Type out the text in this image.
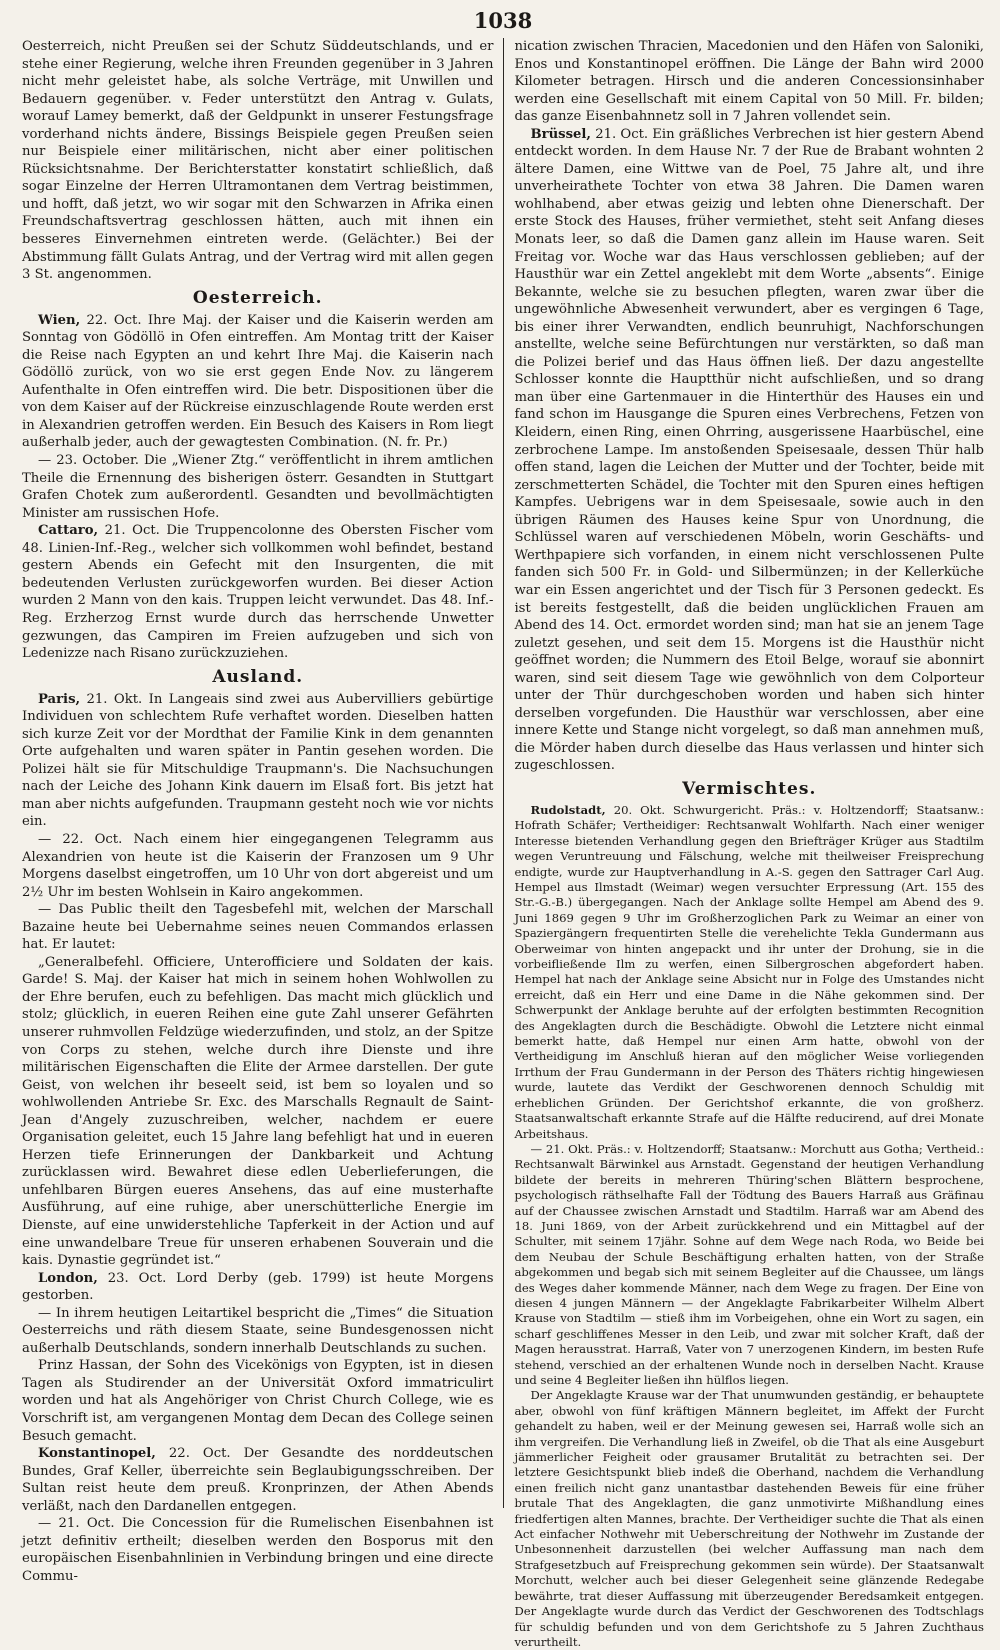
1038

Oesterreich, nicht Preußen sei der Schutz Süddeutschlands, und er stehe einer Regierung, welche ihren Freunden gegenüber in 3 Jahren nicht mehr geleistet habe, als solche Verträge, mit Unwillen und Bedauern gegenüber. v. Feder unterstützt den Antrag v. Gulats, worauf Lamey bemerkt, daß der Geldpunkt in unserer Festungsfrage vorderhand nichts ändere, Bissings Beispiele gegen Preußen seien nur Beispiele einer militärischen, nicht aber einer politischen Rücksichtsnahme. Der Berichterstatter konstatirt schließlich, daß sogar Einzelne der Herren Ultramontanen dem Vertrag beistimmen, und hofft, daß jetzt, wo wir sogar mit den Schwarzen in Afrika einen Freundschaftsvertrag geschlossen hätten, auch mit ihnen ein besseres Einvernehmen eintreten werde. (Gelächter.) Bei der Abstimmung fällt Gulats Antrag, und der Vertrag wird mit allen gegen 3 St. angenommen.

Oesterreich.

Wien, 22. Oct. Ihre Maj. der Kaiser und die Kaiserin werden am Sonntag von Gödöllö in Ofen eintreffen. Am Montag tritt der Kaiser die Reise nach Egypten an und kehrt Ihre Maj. die Kaiserin nach Gödöllö zurück, von wo sie erst gegen Ende Nov. zu längerem Aufenthalte in Ofen eintreffen wird. Die betr. Dispositionen über die von dem Kaiser auf der Rückreise einzuschlagende Route werden erst in Alexandrien getroffen werden. Ein Besuch des Kaisers in Rom liegt außerhalb jeder, auch der gewagtesten Combination. (N. fr. Pr.)

— 23. October. Die „Wiener Ztg.“ veröffentlicht in ihrem amtlichen Theile die Ernennung des bisherigen österr. Gesandten in Stuttgart Grafen Chotek zum außerordentl. Gesandten und bevollmächtigten Minister am russischen Hofe.

Cattaro, 21. Oct. Die Truppencolonne des Obersten Fischer vom 48. Linien-Inf.-Reg., welcher sich vollkommen wohl befindet, bestand gestern Abends ein Gefecht mit den Insurgenten, die mit bedeutenden Verlusten zurückgeworfen wurden. Bei dieser Action wurden 2 Mann von den kais. Truppen leicht verwundet. Das 48. Inf.-Reg. Erzherzog Ernst wurde durch das herrschende Unwetter gezwungen, das Campiren im Freien aufzugeben und sich von Ledenizze nach Risano zurückzuziehen.

Ausland.

Paris, 21. Okt. In Langeais sind zwei aus Aubervilliers gebürtige Individuen von schlechtem Rufe verhaftet worden. Dieselben hatten sich kurze Zeit vor der Mordthat der Familie Kink in dem genannten Orte aufgehalten und waren später in Pantin gesehen worden. Die Polizei hält sie für Mitschuldige Traupmann's. Die Nachsuchungen nach der Leiche des Johann Kink dauern im Elsaß fort. Bis jetzt hat man aber nichts aufgefunden. Traupmann gesteht noch wie vor nichts ein.

— 22. Oct. Nach einem hier eingegangenen Telegramm aus Alexandrien von heute ist die Kaiserin der Franzosen um 9 Uhr Morgens daselbst eingetroffen, um 10 Uhr von dort abgereist und um 2½ Uhr im besten Wohlsein in Kairo angekommen.

— Das Public theilt den Tagesbefehl mit, welchen der Marschall Bazaine heute bei Uebernahme seines neuen Commandos erlassen hat. Er lautet:

„Generalbefehl. Officiere, Unterofficiere und Soldaten der kais. Garde! S. Maj. der Kaiser hat mich in seinem hohen Wohlwollen zu der Ehre berufen, euch zu befehligen. Das macht mich glücklich und stolz; glücklich, in eueren Reihen eine gute Zahl unserer Gefährten unserer ruhmvollen Feldzüge wiederzufinden, und stolz, an der Spitze von Corps zu stehen, welche durch ihre Dienste und ihre militärischen Eigenschaften die Elite der Armee darstellen. Der gute Geist, von welchen ihr beseelt seid, ist bem so loyalen und so wohlwollenden Antriebe Sr. Exc. des Marschalls Regnault de Saint-Jean d'Angely zuzuschreiben, welcher, nachdem er euere Organisation geleitet, euch 15 Jahre lang befehligt hat und in eueren Herzen tiefe Erinnerungen der Dankbarkeit und Achtung zurücklassen wird. Bewahret diese edlen Ueberlieferungen, die unfehlbaren Bürgen eueres Ansehens, das auf eine musterhafte Ausführung, auf eine ruhige, aber unerschütterliche Energie im Dienste, auf eine unwiderstehliche Tapferkeit in der Action und auf eine unwandelbare Treue für unseren erhabenen Souverain und die kais. Dynastie gegründet ist.“

London, 23. Oct. Lord Derby (geb. 1799) ist heute Morgens gestorben.

— In ihrem heutigen Leitartikel bespricht die „Times“ die Situation Oesterreichs und räth diesem Staate, seine Bundesgenossen nicht außerhalb Deutschlands, sondern innerhalb Deutschlands zu suchen.

Prinz Hassan, der Sohn des Vicekönigs von Egypten, ist in diesen Tagen als Studirender an der Universität Oxford immatriculirt worden und hat als Angehöriger von Christ Church College, wie es Vorschrift ist, am vergangenen Montag dem Decan des College seinen Besuch gemacht.

Konstantinopel, 22. Oct. Der Gesandte des norddeutschen Bundes, Graf Keller, überreichte sein Beglaubigungsschreiben. Der Sultan reist heute dem preuß. Kronprinzen, der Athen Abends verläßt, nach den Dardanellen entgegen.

— 21. Oct. Die Concession für die Rumelischen Eisenbahnen ist jetzt definitiv ertheilt; dieselben werden den Bosporus mit den europäischen Eisenbahnlinien in Verbindung bringen und eine directe Commu-

nication zwischen Thracien, Macedonien und den Häfen von Saloniki, Enos und Konstantinopel eröffnen. Die Länge der Bahn wird 2000 Kilometer betragen. Hirsch und die anderen Concessionsinhaber werden eine Gesellschaft mit einem Capital von 50 Mill. Fr. bilden; das ganze Eisenbahnnetz soll in 7 Jahren vollendet sein.

Brüssel, 21. Oct. Ein gräßliches Verbrechen ist hier gestern Abend entdeckt worden. In dem Hause Nr. 7 der Rue de Brabant wohnten 2 ältere Damen, eine Wittwe van de Poel, 75 Jahre alt, und ihre unverheirathete Tochter von etwa 38 Jahren. Die Damen waren wohlhabend, aber etwas geizig und lebten ohne Dienerschaft. Der erste Stock des Hauses, früher vermiethet, steht seit Anfang dieses Monats leer, so daß die Damen ganz allein im Hause waren. Seit Freitag vor. Woche war das Haus verschlossen geblieben; auf der Hausthür war ein Zettel angeklebt mit dem Worte „absents“. Einige Bekannte, welche sie zu besuchen pflegten, waren zwar über die ungewöhnliche Abwesenheit verwundert, aber es vergingen 6 Tage, bis einer ihrer Verwandten, endlich beunruhigt, Nachforschungen anstellte, welche seine Befürchtungen nur verstärkten, so daß man die Polizei berief und das Haus öffnen ließ. Der dazu angestellte Schlosser konnte die Hauptthür nicht aufschließen, und so drang man über eine Gartenmauer in die Hinterthür des Hauses ein und fand schon im Hausgange die Spuren eines Verbrechens, Fetzen von Kleidern, einen Ring, einen Ohrring, ausgerissene Haarbüschel, eine zerbrochene Lampe. Im anstoßenden Speisesaale, dessen Thür halb offen stand, lagen die Leichen der Mutter und der Tochter, beide mit zerschmetterten Schädel, die Tochter mit den Spuren eines heftigen Kampfes. Uebrigens war in dem Speisesaale, sowie auch in den übrigen Räumen des Hauses keine Spur von Unordnung, die Schlüssel waren auf verschiedenen Möbeln, worin Geschäfts- und Werthpapiere sich vorfanden, in einem nicht verschlossenen Pulte fanden sich 500 Fr. in Gold- und Silbermünzen; in der Kellerküche war ein Essen angerichtet und der Tisch für 3 Personen gedeckt. Es ist bereits festgestellt, daß die beiden unglücklichen Frauen am Abend des 14. Oct. ermordet worden sind; man hat sie an jenem Tage zuletzt gesehen, und seit dem 15. Morgens ist die Hausthür nicht geöffnet worden; die Nummern des Etoil Belge, worauf sie abonnirt waren, sind seit diesem Tage wie gewöhnlich von dem Colporteur unter der Thür durchgeschoben worden und haben sich hinter derselben vorgefunden. Die Hausthür war verschlossen, aber eine innere Kette und Stange nicht vorgelegt, so daß man annehmen muß, die Mörder haben durch dieselbe das Haus verlassen und hinter sich zugeschlossen.

Vermischtes.

Rudolstadt, 20. Okt. Schwurgericht. Präs.: v. Holtzendorff; Staatsanw.: Hofrath Schäfer; Vertheidiger: Rechtsanwalt Wohlfarth. Nach einer weniger Interesse bietenden Verhandlung gegen den Briefträger Krüger aus Stadtilm wegen Veruntreuung und Fälschung, welche mit theilweiser Freisprechung endigte, wurde zur Hauptverhandlung in A.-S. gegen den Sattrager Carl Aug. Hempel aus Ilmstadt (Weimar) wegen versuchter Erpressung (Art. 155 des Str.-G.-B.) übergegangen. Nach der Anklage sollte Hempel am Abend des 9. Juni 1869 gegen 9 Uhr im Großherzoglichen Park zu Weimar an einer von Spaziergängern frequentirten Stelle die verehelichte Tekla Gundermann aus Oberweimar von hinten angepackt und ihr unter der Drohung, sie in die vorbeifließende Ilm zu werfen, einen Silbergroschen abgefordert haben. Hempel hat nach der Anklage seine Absicht nur in Folge des Umstandes nicht erreicht, daß ein Herr und eine Dame in die Nähe gekommen sind. Der Schwerpunkt der Anklage beruhte auf der erfolgten bestimmten Recognition des Angeklagten durch die Beschädigte. Obwohl die Letztere nicht einmal bemerkt hatte, daß Hempel nur einen Arm hatte, obwohl von der Vertheidigung im Anschluß hieran auf den möglicher Weise vorliegenden Irrthum der Frau Gundermann in der Person des Thäters richtig hingewiesen wurde, lautete das Verdikt der Geschworenen dennoch Schuldig mit erheblichen Gründen. Der Gerichtshof erkannte, die von großherz. Staatsanwaltschaft erkannte Strafe auf die Hälfte reducirend, auf drei Monate Arbeitshaus.

— 21. Okt. Präs.: v. Holtzendorff; Staatsanw.: Morchutt aus Gotha; Vertheid.: Rechtsanwalt Bärwinkel aus Arnstadt. Gegenstand der heutigen Verhandlung bildete der bereits in mehreren Thüring'schen Blättern besprochene, psychologisch räthselhafte Fall der Tödtung des Bauers Harraß aus Gräfinau auf der Chaussee zwischen Arnstadt und Stadtilm. Harraß war am Abend des 18. Juni 1869, von der Arbeit zurückkehrend und ein Mittagbel auf der Schulter, mit seinem 17jähr. Sohne auf dem Wege nach Roda, wo Beide bei dem Neubau der Schule Beschäftigung erhalten hatten, von der Straße abgekommen und begab sich mit seinem Begleiter auf die Chaussee, um längs des Weges daher kommende Männer, nach dem Wege zu fragen. Der Eine von diesen 4 jungen Männern — der Angeklagte Fabrikarbeiter Wilhelm Albert Krause von Stadtilm — stieß ihm im Vorbeigehen, ohne ein Wort zu sagen, ein scharf geschliffenes Messer in den Leib, und zwar mit solcher Kraft, daß der Magen herausstrat. Harraß, Vater von 7 unerzogenen Kindern, im besten Rufe stehend, verschied an der erhaltenen Wunde noch in derselben Nacht. Krause und seine 4 Begleiter ließen ihn hülflos liegen.

Der Angeklagte Krause war der That unumwunden geständig, er behauptete aber, obwohl von fünf kräftigen Männern begleitet, im Affekt der Furcht gehandelt zu haben, weil er der Meinung gewesen sei, Harraß wolle sich an ihm vergreifen. Die Verhandlung ließ in Zweifel, ob die That als eine Ausgeburt jämmerlicher Feigheit oder grausamer Brutalität zu betrachten sei. Der letztere Gesichtspunkt blieb indeß die Oberhand, nachdem die Verhandlung einen freilich nicht ganz unantastbar dastehenden Beweis für eine früher brutale That des Angeklagten, die ganz unmotivirte Mißhandlung eines friedfertigen alten Mannes, brachte. Der Vertheidiger suchte die That als einen Act einfacher Nothwehr mit Ueberschreitung der Nothwehr im Zustande der Unbesonnenheit darzustellen (bei welcher Auffassung man nach dem Strafgesetzbuch auf Freisprechung gekommen sein würde). Der Staatsanwalt Morchutt, welcher auch bei dieser Gelegenheit seine glänzende Redegabe bewährte, trat dieser Auffassung mit überzeugender Beredsamkeit entgegen. Der Angeklagte wurde durch das Verdict der Geschworenen des Todtschlags für schuldig befunden und von dem Gerichtshofe zu 5 Jahren Zuchthaus verurtheilt.
